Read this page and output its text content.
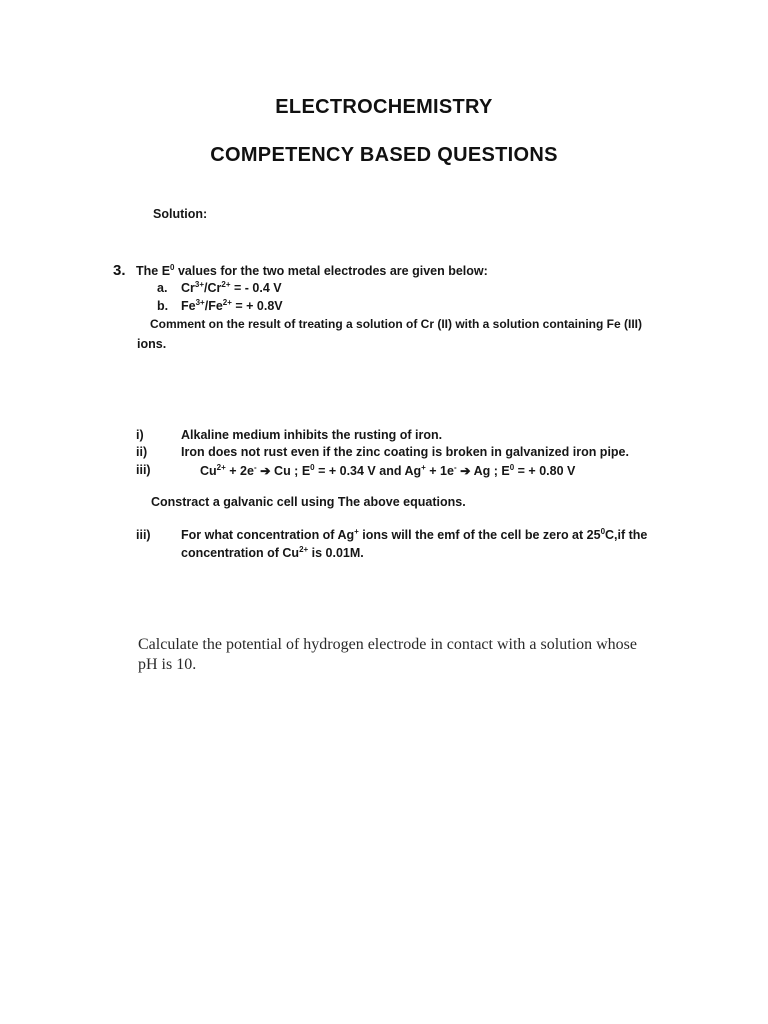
ELECTROCHEMISTRY
COMPETENCY BASED QUESTIONS
Solution:
3. The $E^0$ values for the two metal electrodes are given below:
a. $Cr^{3+}/Cr^{2+}$ = - 0.4 V
b. $Fe^{3+}/Fe^{2+}$ = + 0.8V
Comment on the result of treating a solution of Cr (II) with a solution containing Fe (III)
ions.
i)	Alkaline medium inhibits the rusting of iron.
ii)	Iron does not rust even if the zinc coating is broken in galvanized iron pipe.
iii)	$Cu^{2+} + 2e^-$ ➔ Cu ; $E^0$ = + 0.34 V and Ag+ + 1e- ➔ Ag ; $E^0$ = + 0.80 V
Constract a galvanic cell using The above equations.
iii) For what concentration of Ag+ ions will the emf of the cell be zero at $25^0C,if$ the
concentration of $Cu^{2+}$ is 0.01M.
Calculate the potential of hydrogen electrode in contact with a solution whose
pH is 10.
